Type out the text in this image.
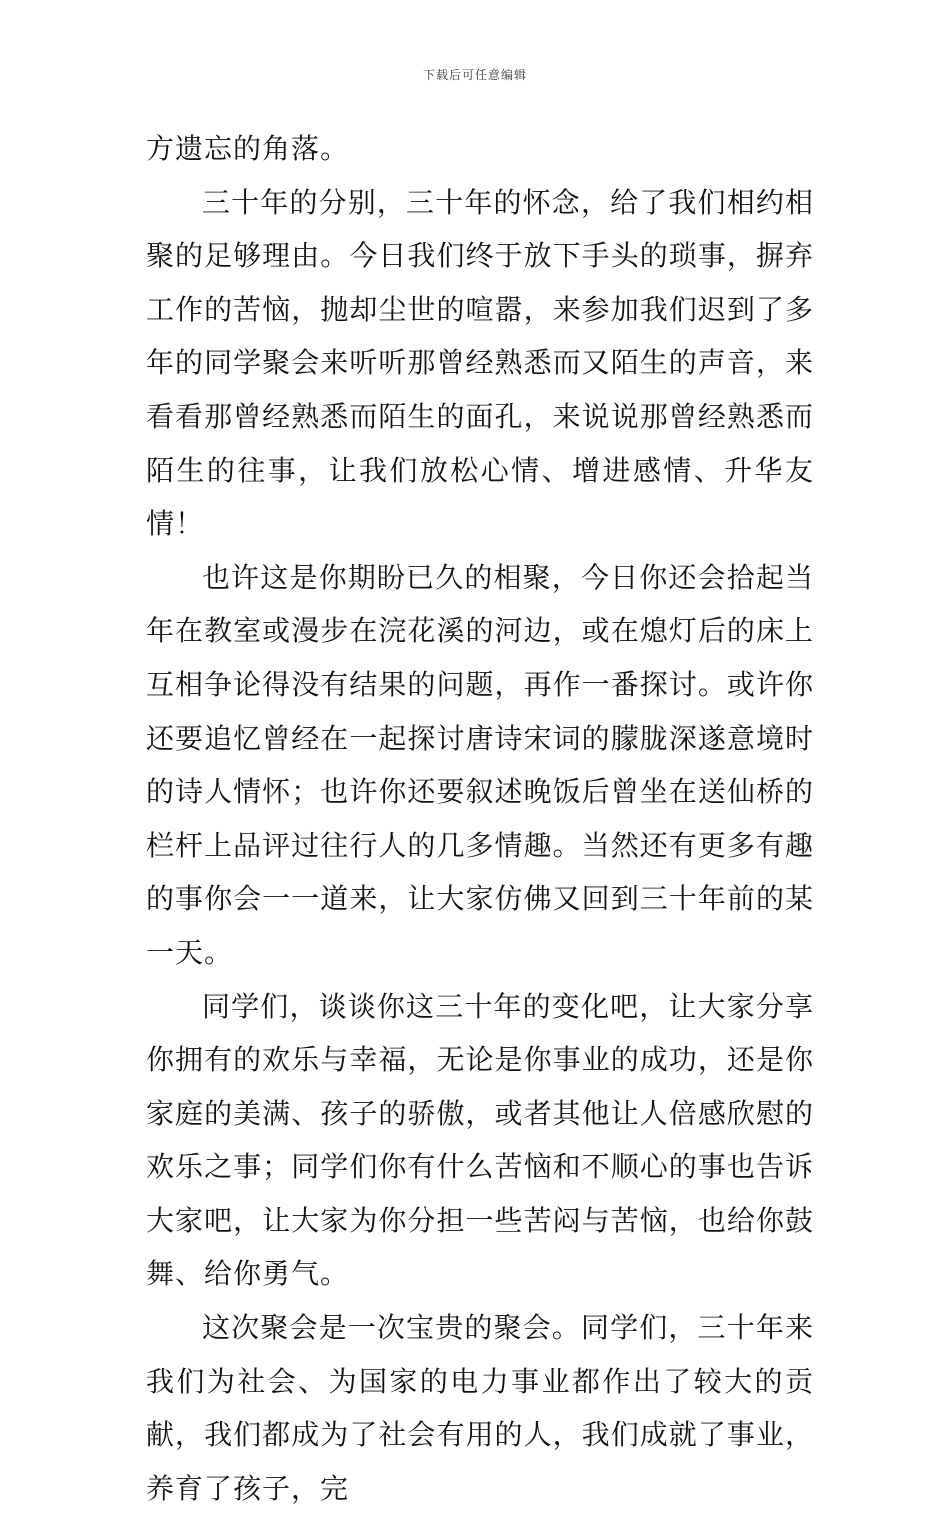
下载后可任意编辑

方遗忘的角落。

三十年的分别，三十年的怀念，给了我们相约相聚的足够理由。今日我们终于放下手头的琐事，摒弃工作的苦恼，抛却尘世的喧嚣，来参加我们迟到了多年的同学聚会来听听那曾经熟悉而又陌生的声音，来看看那曾经熟悉而陌生的面孔，来说说那曾经熟悉而陌生的往事，让我们放松心情、增进感情、升华友情！

也许这是你期盼已久的相聚，今日你还会拾起当年在教室或漫步在浣花溪的河边，或在熄灯后的床上互相争论得没有结果的问题，再作一番探讨。或许你还要追忆曾经在一起探讨唐诗宋词的朦胧深遂意境时的诗人情怀；也许你还要叙述晚饭后曾坐在送仙桥的栏杆上品评过往行人的几多情趣。当然还有更多有趣的事你会一一道来，让大家仿佛又回到三十年前的某一天。

同学们，谈谈你这三十年的变化吧，让大家分享你拥有的欢乐与幸福，无论是你事业的成功，还是你家庭的美满、孩子的骄傲，或者其他让人倍感欣慰的欢乐之事；同学们你有什么苦恼和不顺心的事也告诉大家吧，让大家为你分担一些苦闷与苦恼，也给你鼓舞、给你勇气。

这次聚会是一次宝贵的聚会。同学们，三十年来我们为社会、为国家的电力事业都作出了较大的贡献，我们都成为了社会有用的人，我们成就了事业，养育了孩子，完
